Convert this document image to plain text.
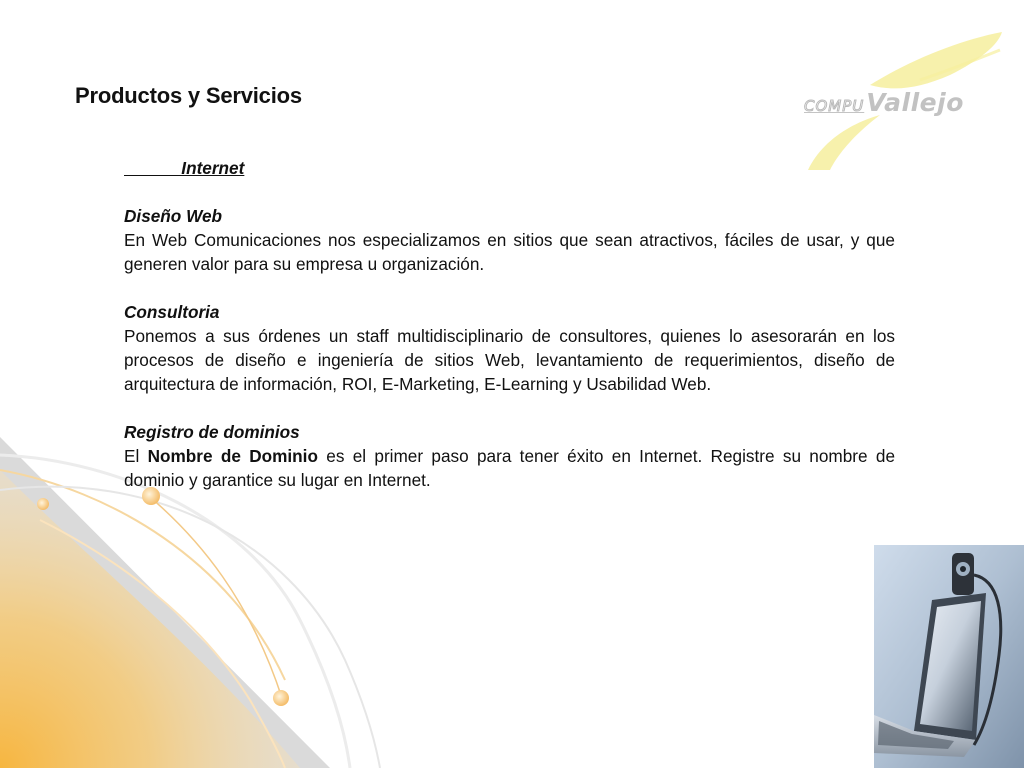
COMPU Vallejo
Productos y Servicios

Internet

Diseño Web

En Web Comunicaciones nos especializamos en sitios que sean atractivos, fáciles de usar, y que generen valor para su empresa u organización.

Consultoria

Ponemos a sus órdenes un staff multidisciplinario de consultores, quienes lo asesorarán en los procesos de diseño e ingeniería de sitios Web, levantamiento de requerimientos, diseño de arquitectura de información, ROI, E-Marketing, E-Learning y Usabilidad Web.

Registro de dominios

El Nombre de Dominio es el primer paso para tener éxito en Internet. Registre su nombre de dominio y garantice su lugar en Internet.
